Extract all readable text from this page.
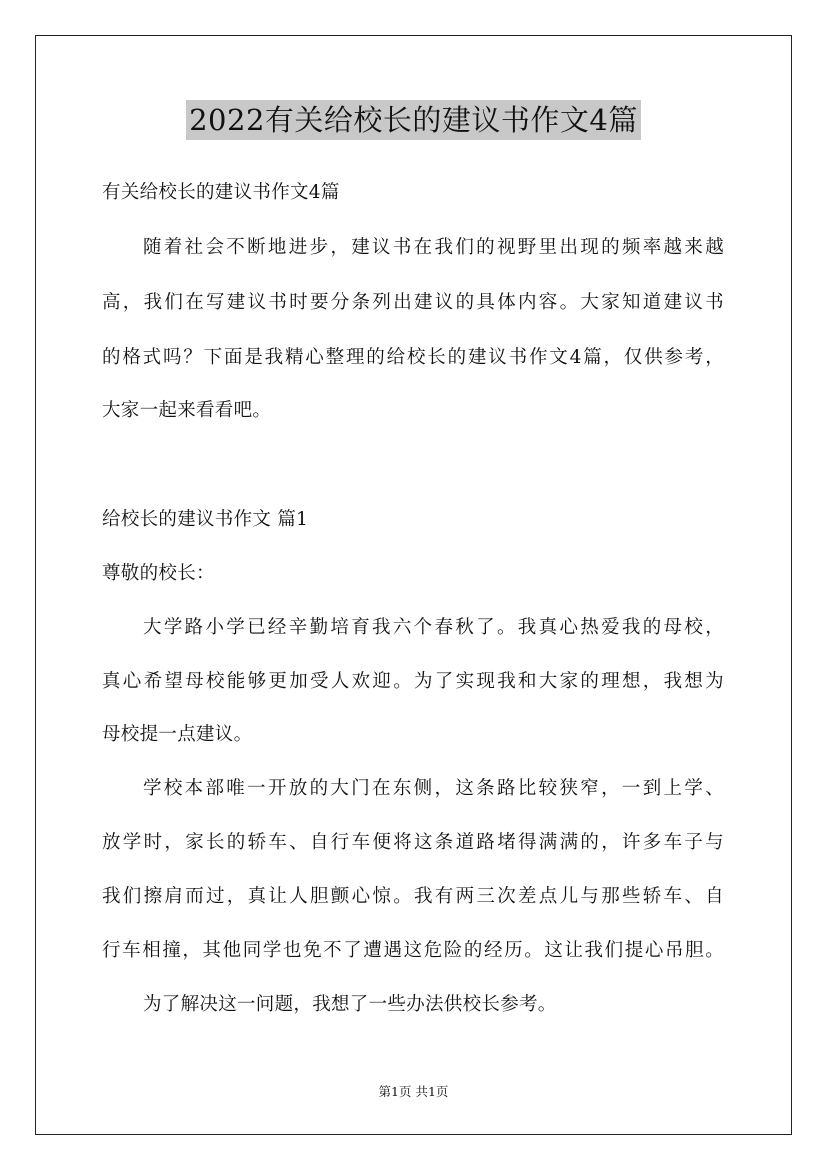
2022有关给校长的建议书作文4篇
有关给校长的建议书作文4篇
随着社会不断地进步，建议书在我们的视野里出现的频率越来越
高，我们在写建议书时要分条列出建议的具体内容。大家知道建议书
的格式吗？下面是我精心整理的给校长的建议书作文4篇，仅供参考，
大家一起来看看吧。
给校长的建议书作文 篇1
尊敬的校长：
大学路小学已经辛勤培育我六个春秋了。我真心热爱我的母校，
真心希望母校能够更加受人欢迎。为了实现我和大家的理想，我想为
母校提一点建议。
学校本部唯一开放的大门在东侧，这条路比较狭窄，一到上学、
放学时，家长的轿车、自行车便将这条道路堵得满满的，许多车子与
我们擦肩而过，真让人胆颤心惊。我有两三次差点儿与那些轿车、自
行车相撞，其他同学也免不了遭遇这危险的经历。这让我们提心吊胆。
为了解决这一问题，我想了一些办法供校长参考。
第1页 共1页
